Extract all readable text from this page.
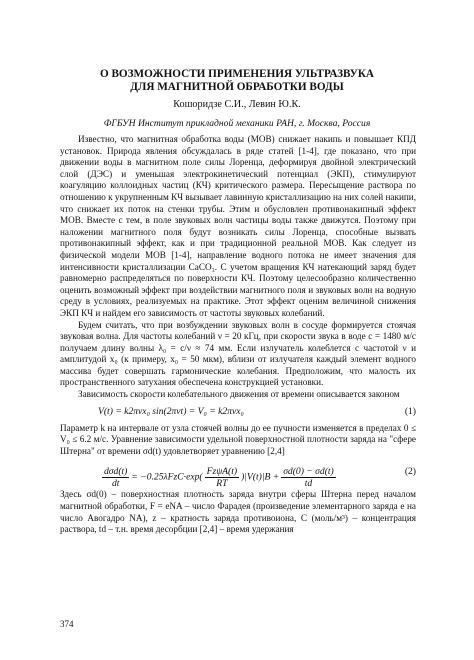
О ВОЗМОЖНОСТИ ПРИМЕНЕНИЯ УЛЬТРАЗВУКА
ДЛЯ МАГНИТНОЙ ОБРАБОТКИ ВОДЫ
Кошоридзе С.И., Левин Ю.К.
ФГБУН Институт прикладной механики РАН, г. Москва, Россия

Известно, что магнитная обработка воды (МОВ) снижает накипь и повышает КПД установок. Природа явления обсуждалась в ряде статей [1-4], где показано, что при движении воды в магнитном поле силы Лоренца, деформируя двойной электрический слой (ДЭС) и уменьшая электрокинетический потенциал (ЭКП), стимулируют коагуляцию коллоидных частиц (КЧ) критического размера. Пересыщение раствора по отношению к укрупненным КЧ вызывает лавинную кристаллизацию на них солей накипи, что снижает их поток на стенки трубы. Этим и обусловлен противонакипный эффект МОВ. Вместе с тем, в поле звуковых волн частицы воды также движутся. Поэтому при наложении магнитного поля будут возникать силы Лоренца, способные вызвать противонакипный эффект, как и при традиционной реальной МОВ. Как следует из физической модели МОВ [1-4], направление водного потока не имеет значения для интенсивности кристаллизации CaCO₃. С учетом вращения КЧ натекающий заряд будет равномерно распределяться по поверхности КЧ. Поэтому целесообразно количественно оценить возможный эффект при воздействии магнитного поля и звуковых волн на водную среду в условиях, реализуемых на практике. Этот эффект оценим величиной снижения ЭКП КЧ и найдем его зависимость от частоты звуковых колебаний.

Будем считать, что при возбуждении звуковых волн в сосуде формируется стоячая звуковая волна. Для частоты колебаний ν = 20 кГц, при скорости звука в воде c = 1480 м/с получаем длину волны λ₀ = c/ν ≈ 74 мм. Если излучатель колеблется с частотой ν и амплитудой x₀ (к примеру, x₀ = 50 мкм), вблизи от излучателя каждый элемент водного массива будет совершать гармонические колебания. Предположим, что малость их пространственного затухания обеспечена конструкцией установки.

Зависимость скорости колебательного движения от времени описывается законом

V(t) = k2πνx₀ sin(2πνt) = V₀ = k2πνx₀	(1)

Параметр k на интервале от узла стоячей волны до ее пучности изменяется в пределах 0 ≤ V₀ ≤ 6.2 м/с. Уравнение зависимости удельной поверхностной плотности заряда на "сфере Штерна" от времени σd(t) удовлетворяет уравнению [2,4]

$\frac{\text{dσd(t)}}{dt} = -0.25\lambda FzC\cdot\exp( \frac{\text{FzψA(t)}}{RT} )|V(t)|B + \frac{\sigma d(0) - \sigma d(t)}{td}$	(2)

Здесь σd(0) – поверхностная плотность заряда внутри сферы Штерна перед началом магнитной обработки, F = eNA – число Фарадея (произведение элементарного заряда e на число Авогадро NA), z – кратность заряда противоиона, C (моль/м³) – концентрация раствора, td – т.н. время десорбции [2,4] – время удержания

374
